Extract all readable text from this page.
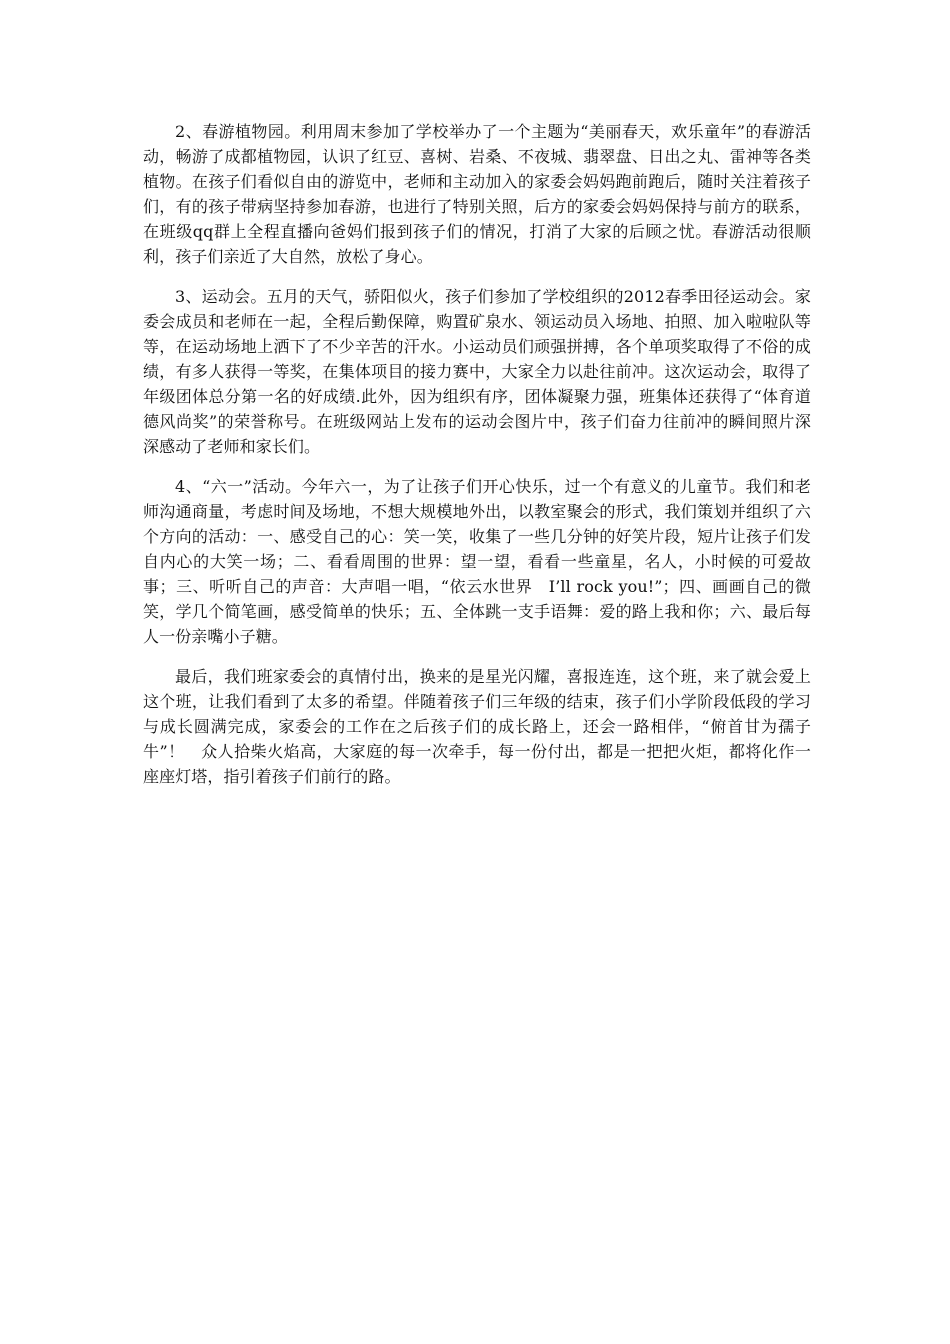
2、春游植物园。利用周末参加了学校举办了一个主题为“美丽春天，欢乐童年”的春游活动，畅游了成都植物园，认识了红豆、喜树、岩桑、不夜城、翡翠盘、日出之丸、雷神等各类植物。在孩子们看似自由的游览中，老师和主动加入的家委会妈妈跑前跑后，随时关注着孩子们，有的孩子带病坚持参加春游，也进行了特别关照，后方的家委会妈妈保持与前方的联系，在班级qq群上全程直播向爸妈们报到孩子们的情况，打消了大家的后顾之忧。春游活动很顺利，孩子们亲近了大自然，放松了身心。

3、运动会。五月的天气，骄阳似火，孩子们参加了学校组织的2012春季田径运动会。家委会成员和老师在一起，全程后勤保障，购置矿泉水、领运动员入场地、拍照、加入啦啦队等等，在运动场地上洒下了不少辛苦的汗水。小运动员们顽强拼搏，各个单项奖取得了不俗的成绩，有多人获得一等奖，在集体项目的接力赛中，大家全力以赴往前冲。这次运动会，取得了年级团体总分第一名的好成绩.此外，因为组织有序，团体凝聚力强，班集体还获得了“体育道德风尚奖”的荣誉称号。在班级网站上发布的运动会图片中，孩子们奋力往前冲的瞬间照片深深感动了老师和家长们。

4、“六一”活动。今年六一，为了让孩子们开心快乐，过一个有意义的儿童节。我们和老师沟通商量，考虑时间及场地，不想大规模地外出，以教室聚会的形式，我们策划并组织了六个方向的活动：一、感受自己的心：笑一笑，收集了一些几分钟的好笑片段，短片让孩子们发自内心的大笑一场；二、看看周围的世界：望一望，看看一些童星，名人，小时候的可爱故事；三、听听自己的声音：大声唱一唱，“依云水世界　I’ll rock you!”；四、画画自己的微笑，学几个简笔画，感受简单的快乐；五、全体跳一支手语舞：爱的路上我和你；六、最后每人一份亲嘴小子糖。

最后，我们班家委会的真情付出，换来的是星光闪耀，喜报连连，这个班，来了就会爱上这个班，让我们看到了太多的希望。伴随着孩子们三年级的结束，孩子们小学阶段低段的学习与成长圆满完成，家委会的工作在之后孩子们的成长路上，还会一路相伴，“俯首甘为孺子牛”！　众人拾柴火焰高，大家庭的每一次牵手，每一份付出，都是一把把火炬，都将化作一座座灯塔，指引着孩子们前行的路。
